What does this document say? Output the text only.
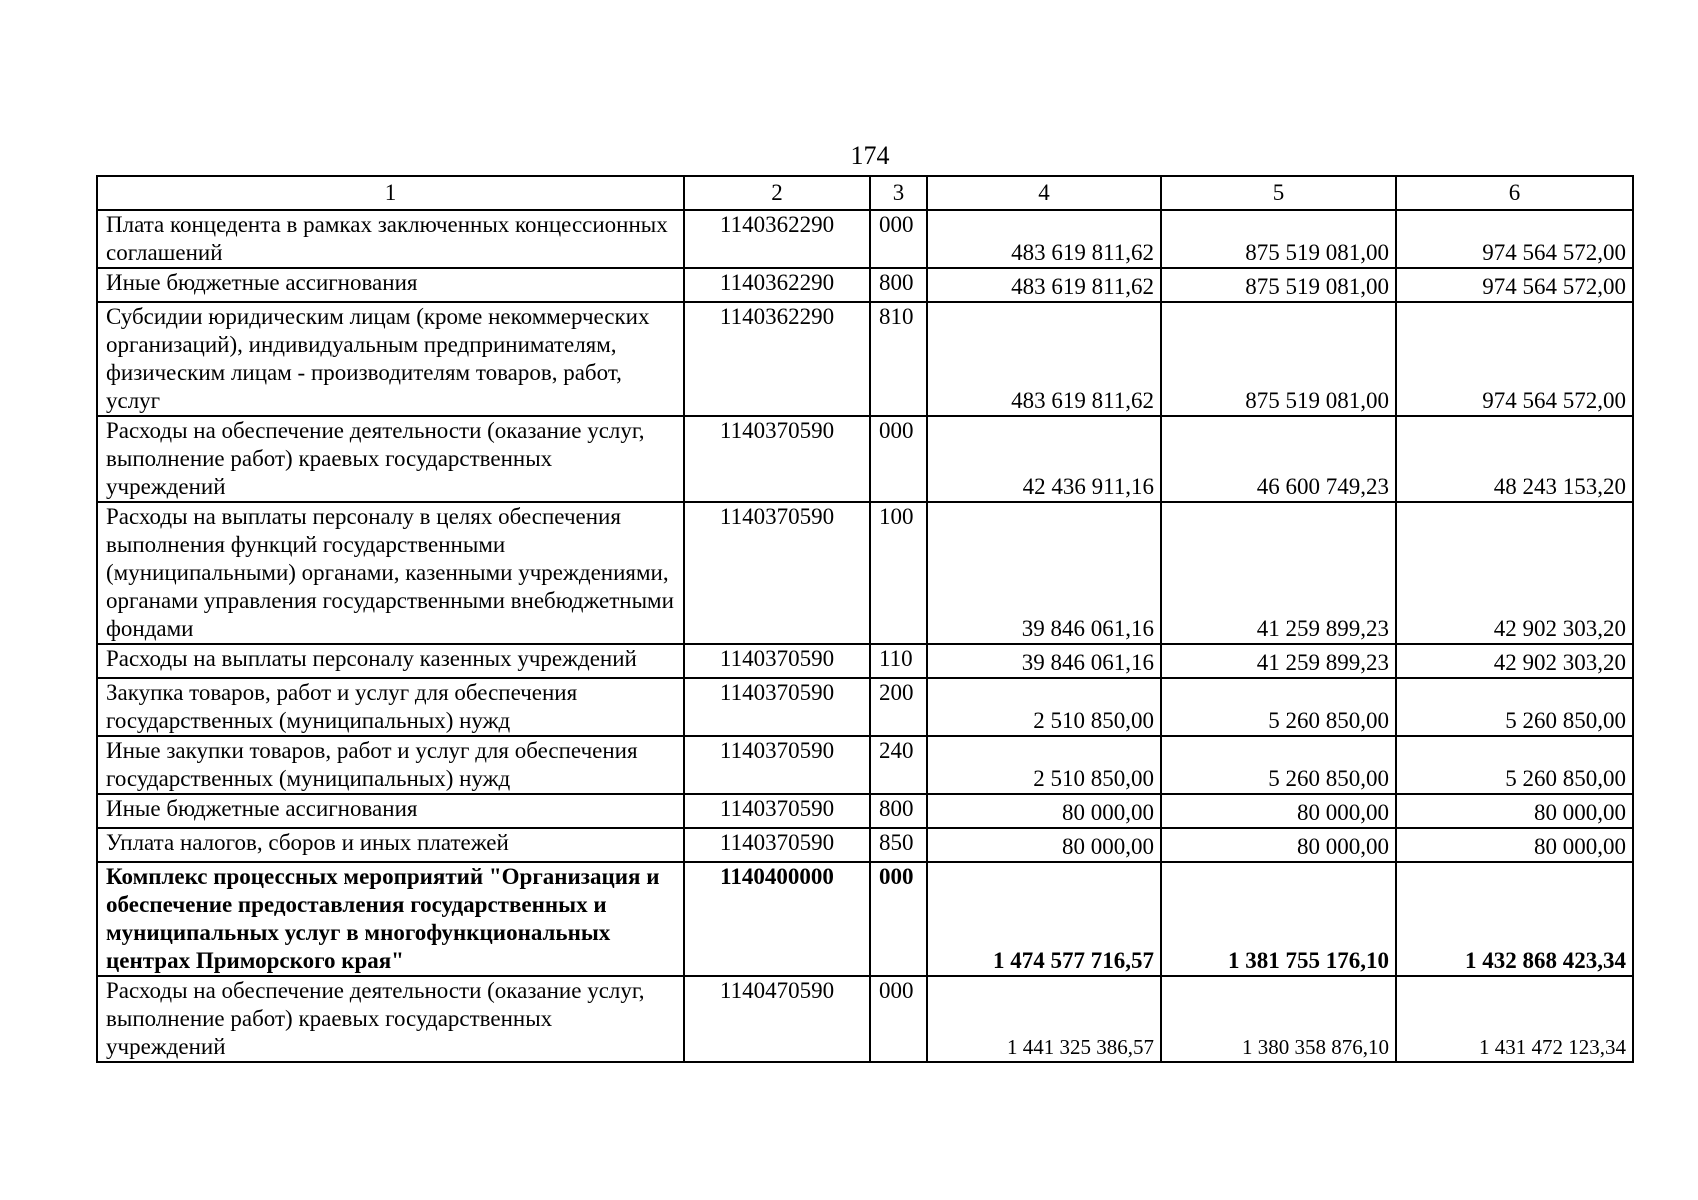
174
1	2	3	4	5	6
Плата концедента в рамках заключенных концессионных соглашений	1140362290	000	483 619 811,62	875 519 081,00	974 564 572,00
Иные бюджетные ассигнования	1140362290	800	483 619 811,62	875 519 081,00	974 564 572,00
Субсидии юридическим лицам (кроме некоммерческих организаций), индивидуальным предпринимателям, физическим лицам - производителям товаров, работ, услуг	1140362290	810	483 619 811,62	875 519 081,00	974 564 572,00
Расходы на обеспечение деятельности (оказание услуг, выполнение работ) краевых государственных учреждений	1140370590	000	42 436 911,16	46 600 749,23	48 243 153,20
Расходы на выплаты персоналу в целях обеспечения выполнения функций государственными (муниципальными) органами, казенными учреждениями, органами управления государственными внебюджетными фондами	1140370590	100	39 846 061,16	41 259 899,23	42 902 303,20
Расходы на выплаты персоналу казенных учреждений	1140370590	110	39 846 061,16	41 259 899,23	42 902 303,20
Закупка товаров, работ и услуг для обеспечения государственных (муниципальных) нужд	1140370590	200	2 510 850,00	5 260 850,00	5 260 850,00
Иные закупки товаров, работ и услуг для обеспечения государственных (муниципальных) нужд	1140370590	240	2 510 850,00	5 260 850,00	5 260 850,00
Иные бюджетные ассигнования	1140370590	800	80 000,00	80 000,00	80 000,00
Уплата налогов, сборов и иных платежей	1140370590	850	80 000,00	80 000,00	80 000,00
Комплекс процессных мероприятий "Организация и обеспечение предоставления государственных и муниципальных услуг в многофункциональных центрах Приморского края"	1140400000	000	1 474 577 716,57	1 381 755 176,10	1 432 868 423,34
Расходы на обеспечение деятельности (оказание услуг, выполнение работ) краевых государственных учреждений	1140470590	000	1 441 325 386,57	1 380 358 876,10	1 431 472 123,34
